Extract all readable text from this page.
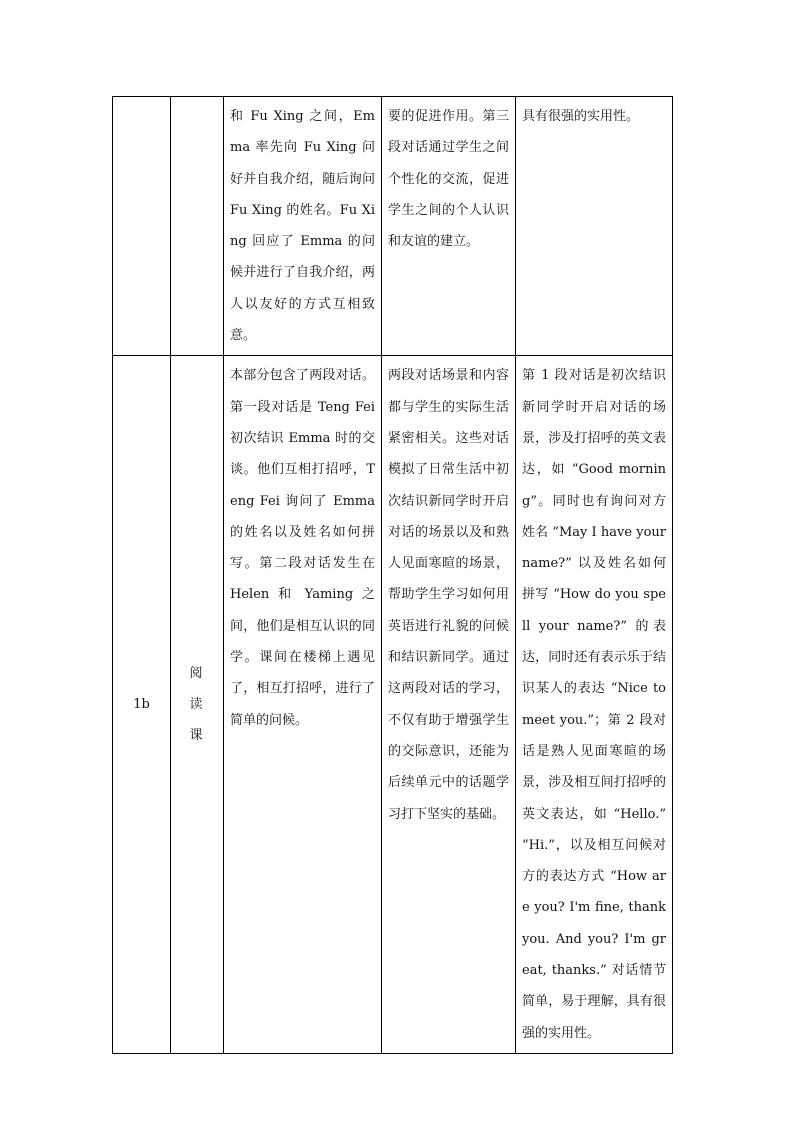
		和 Fu Xing 之间，Emma 率先向 Fu Xing 问好并自我介绍，随后询问 Fu Xing 的姓名。Fu Xing 回应了 Emma 的问候并进行了自我介绍，两人以友好的方式互相致意。	要的促进作用。第三段对话通过学生之间个性化的交流，促进学生之间的个人认识和友谊的建立。	具有很强的实用性。
1b	阅读课	本部分包含了两段对话。第一段对话是 Teng Fei 初次结识 Emma 时的交谈。他们互相打招呼，Teng Fei 询问了 Emma 的姓名以及姓名如何拼写。第二段对话发生在 Helen 和 Yaming 之间，他们是相互认识的同学。课间在楼梯上遇见了，相互打招呼，进行了简单的问候。	两段对话场景和内容都与学生的实际生活紧密相关。这些对话模拟了日常生活中初次结识新同学时开启对话的场景以及和熟人见面寒暄的场景，帮助学生学习如何用英语进行礼貌的问候和结识新同学。通过这两段对话的学习，不仅有助于增强学生的交际意识，还能为后续单元中的话题学习打下坚实的基础。	第 1 段对话是初次结识新同学时开启对话的场景，涉及打招呼的英文表达，如 “Good morning”。同时也有询问对方姓名 “May I have your name?” 以及姓名如何拼写 “How do you spell your name?” 的表达，同时还有表示乐于结识某人的表达 “Nice to meet you.”；第 2 段对话是熟人见面寒暄的场景，涉及相互间打招呼的英文表达，如 “Hello.” “Hi.”，以及相互问候对方的表达方式 “How are you? I'm fine, thank you. And you? I'm great, thanks.” 对话情节简单，易于理解，具有很强的实用性。
